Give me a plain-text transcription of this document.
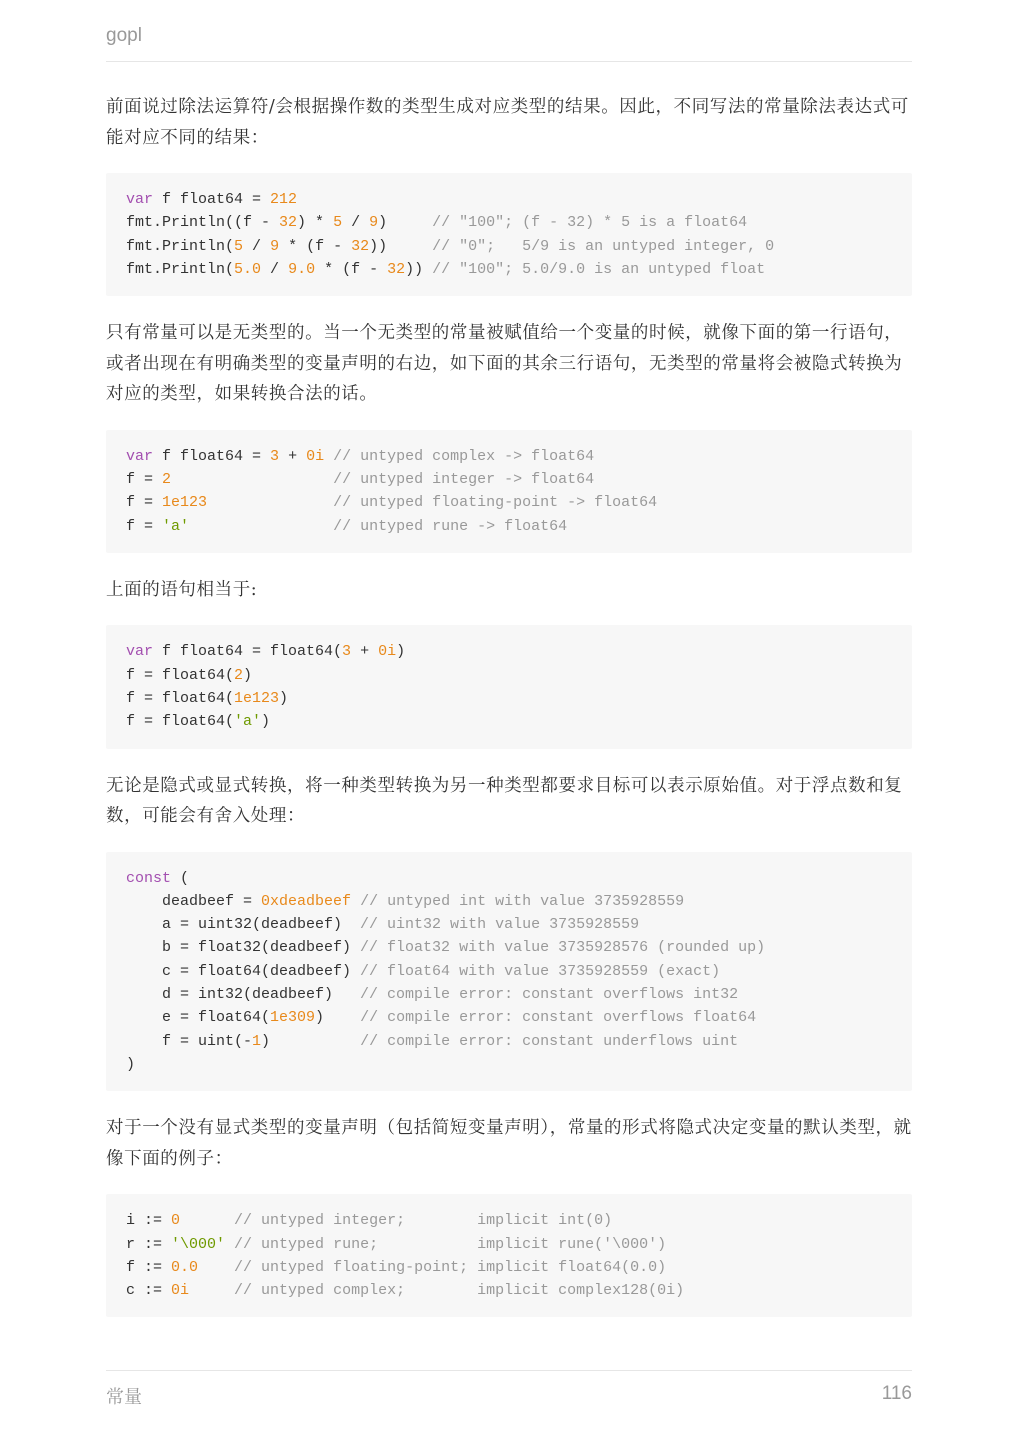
gopl

前面说过除法运算符/会根据操作数的类型生成对应类型的结果。因此，不同写法的常量除法表达式可能对应不同的结果：

var f float64 = 212
fmt.Println((f - 32) * 5 / 9)     // "100"; (f - 32) * 5 is a float64
fmt.Println(5 / 9 * (f - 32))     // "0";   5/9 is an untyped integer, 0
fmt.Println(5.0 / 9.0 * (f - 32)) // "100"; 5.0/9.0 is an untyped float

只有常量可以是无类型的。当一个无类型的常量被赋值给一个变量的时候，就像下面的第一行语句，或者出现在有明确类型的变量声明的右边，如下面的其余三行语句，无类型的常量将会被隐式转换为对应的类型，如果转换合法的话。

var f float64 = 3 + 0i // untyped complex -> float64
f = 2	// untyped integer -> float64
f = 1e123	// untyped floating-point -> float64
f = 'a'	// untyped rune -> float64

上面的语句相当于:

var f float64 = float64(3 + 0i)
f = float64(2)
f = float64(1e123)
f = float64('a')

无论是隐式或显式转换，将一种类型转换为另一种类型都要求目标可以表示原始值。对于浮点数和复数，可能会有舍入处理：

const (
deadbeef = 0xdeadbeef // untyped int with value 3735928559
a = uint32(deadbeef)  // uint32 with value 3735928559
b = float32(deadbeef) // float32 with value 3735928576 (rounded up)
c = float64(deadbeef) // float64 with value 3735928559 (exact)
d = int32(deadbeef)   // compile error: constant overflows int32
e = float64(1e309)    // compile error: constant overflows float64
f = uint(-1)          // compile error: constant underflows uint
)

对于一个没有显式类型的变量声明（包括简短变量声明），常量的形式将隐式决定变量的默认类型，就像下面的例子：

i := 0	// untyped integer;        implicit int(0)
r := '\000' // untyped rune;           implicit rune('\000')
f := 0.0 // untyped floating-point; implicit float64(0.0)
c := 0i	// untyped complex;        implicit complex128(0i)
常量	116
